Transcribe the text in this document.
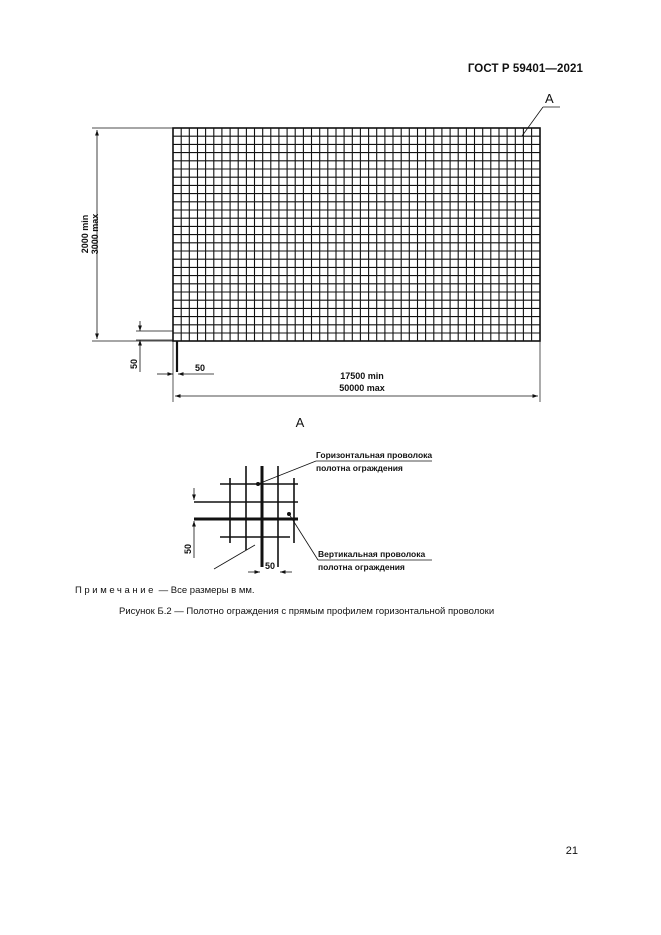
ГОСТ Р 59401—2021
А
2000 min 3000 max
50	50
17500 min
50000 max
А
Горизонтальная проволока
полотна ограждения
Вертикальная проволока
полотна ограждения
50
50
Примечание — Все размеры в мм.
Рисунок Б.2 — Полотно ограждения с прямым профилем горизонтальной проволоки
21
